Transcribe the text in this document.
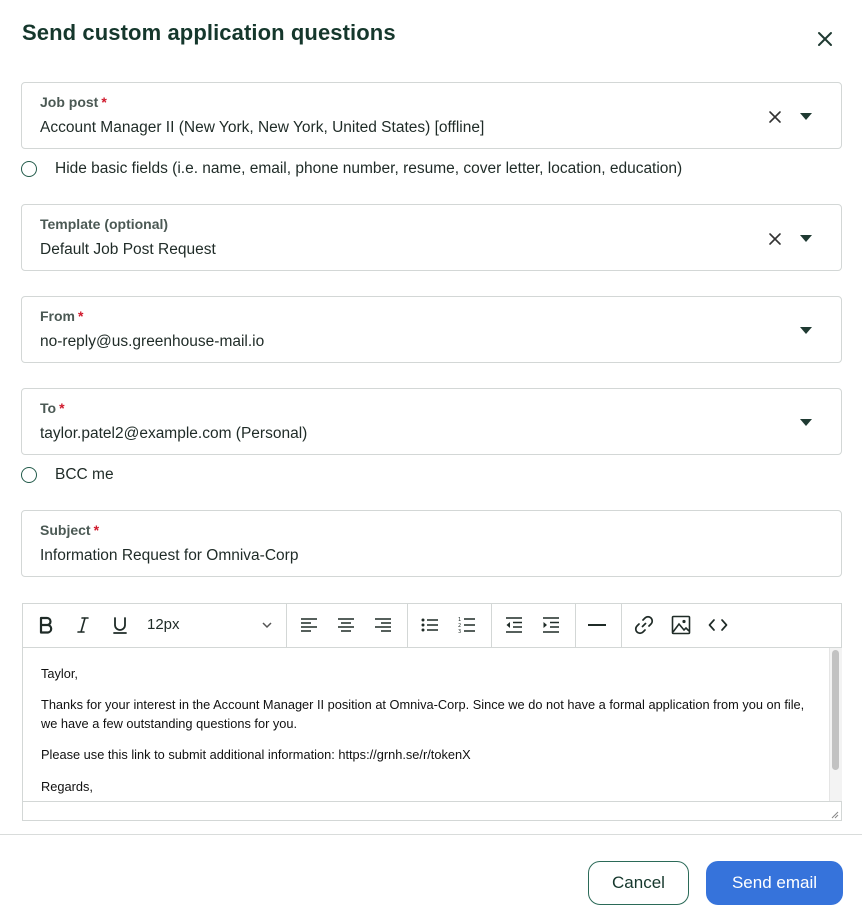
Send custom application questions
Job post *
Account Manager II (New York, New York, United States) [offline]
Hide basic fields (i.e. name, email, phone number, resume, cover letter, location, education)
Template (optional)
Default Job Post Request
From *
no-reply@us.greenhouse-mail.io
To *
taylor.patel2@example.com (Personal)
BCC me
Subject *
Information Request for Omniva-Corp
12px	1
2
3

Taylor,

Thanks for your interest in the Account Manager II position at Omniva-Corp. Since we do not have a formal application from you on file, we have a few outstanding questions for you.

Please use this link to submit additional information: https://grnh.se/r/tokenX

Regards,

Cancel	Send email
